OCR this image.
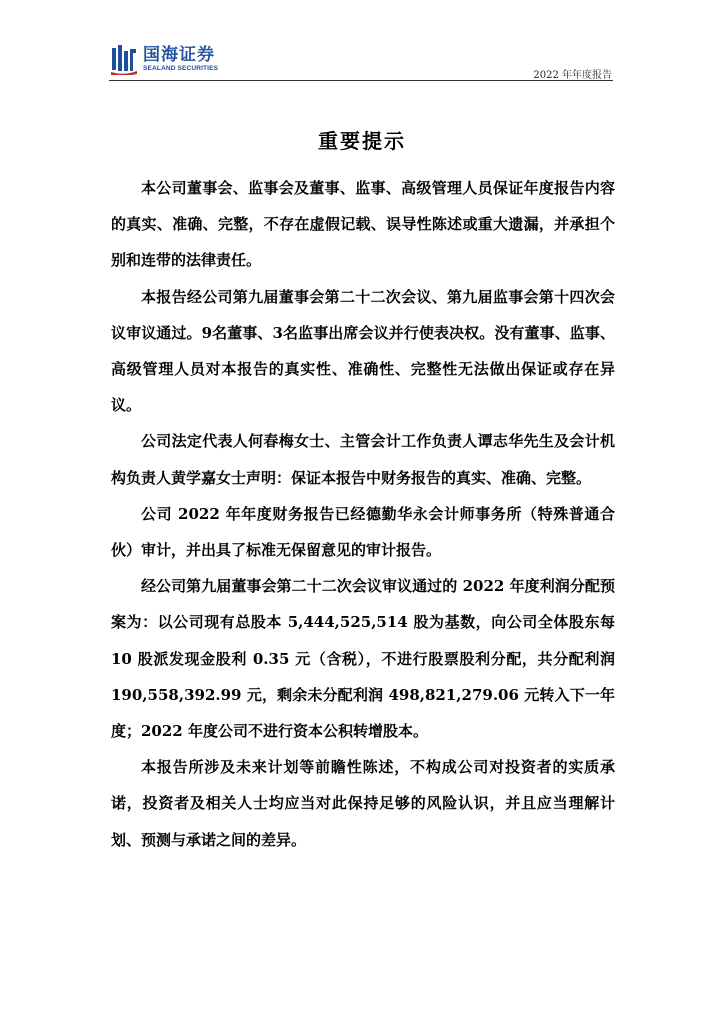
国海证券
SEALAND SECURITIES
2022 年年度报告
重要提示

本公司董事会、监事会及董事、监事、高级管理人员保证年度报告内容的真实、准确、完整，不存在虚假记载、误导性陈述或重大遗漏，并承担个别和连带的法律责任。

本报告经公司第九届董事会第二十二次会议、第九届监事会第十四次会议审议通过。9名董事、3名监事出席会议并行使表决权。没有董事、监事、高级管理人员对本报告的真实性、准确性、完整性无法做出保证或存在异议。

公司法定代表人何春梅女士、主管会计工作负责人谭志华先生及会计机构负责人黄学嘉女士声明：保证本报告中财务报告的真实、准确、完整。

公司 2022 年年度财务报告已经德勤华永会计师事务所（特殊普通合伙）审计，并出具了标准无保留意见的审计报告。

经公司第九届董事会第二十二次会议审议通过的 2022 年度利润分配预案为：以公司现有总股本 5,444,525,514 股为基数，向公司全体股东每 10 股派发现金股利 0.35 元（含税），不进行股票股利分配，共分配利润 190,558,392.99 元，剩余未分配利润 498,821,279.06 元转入下一年度；2022 年度公司不进行资本公积转增股本。

本报告所涉及未来计划等前瞻性陈述，不构成公司对投资者的实质承诺，投资者及相关人士均应当对此保持足够的风险认识，并且应当理解计划、预测与承诺之间的差异。
